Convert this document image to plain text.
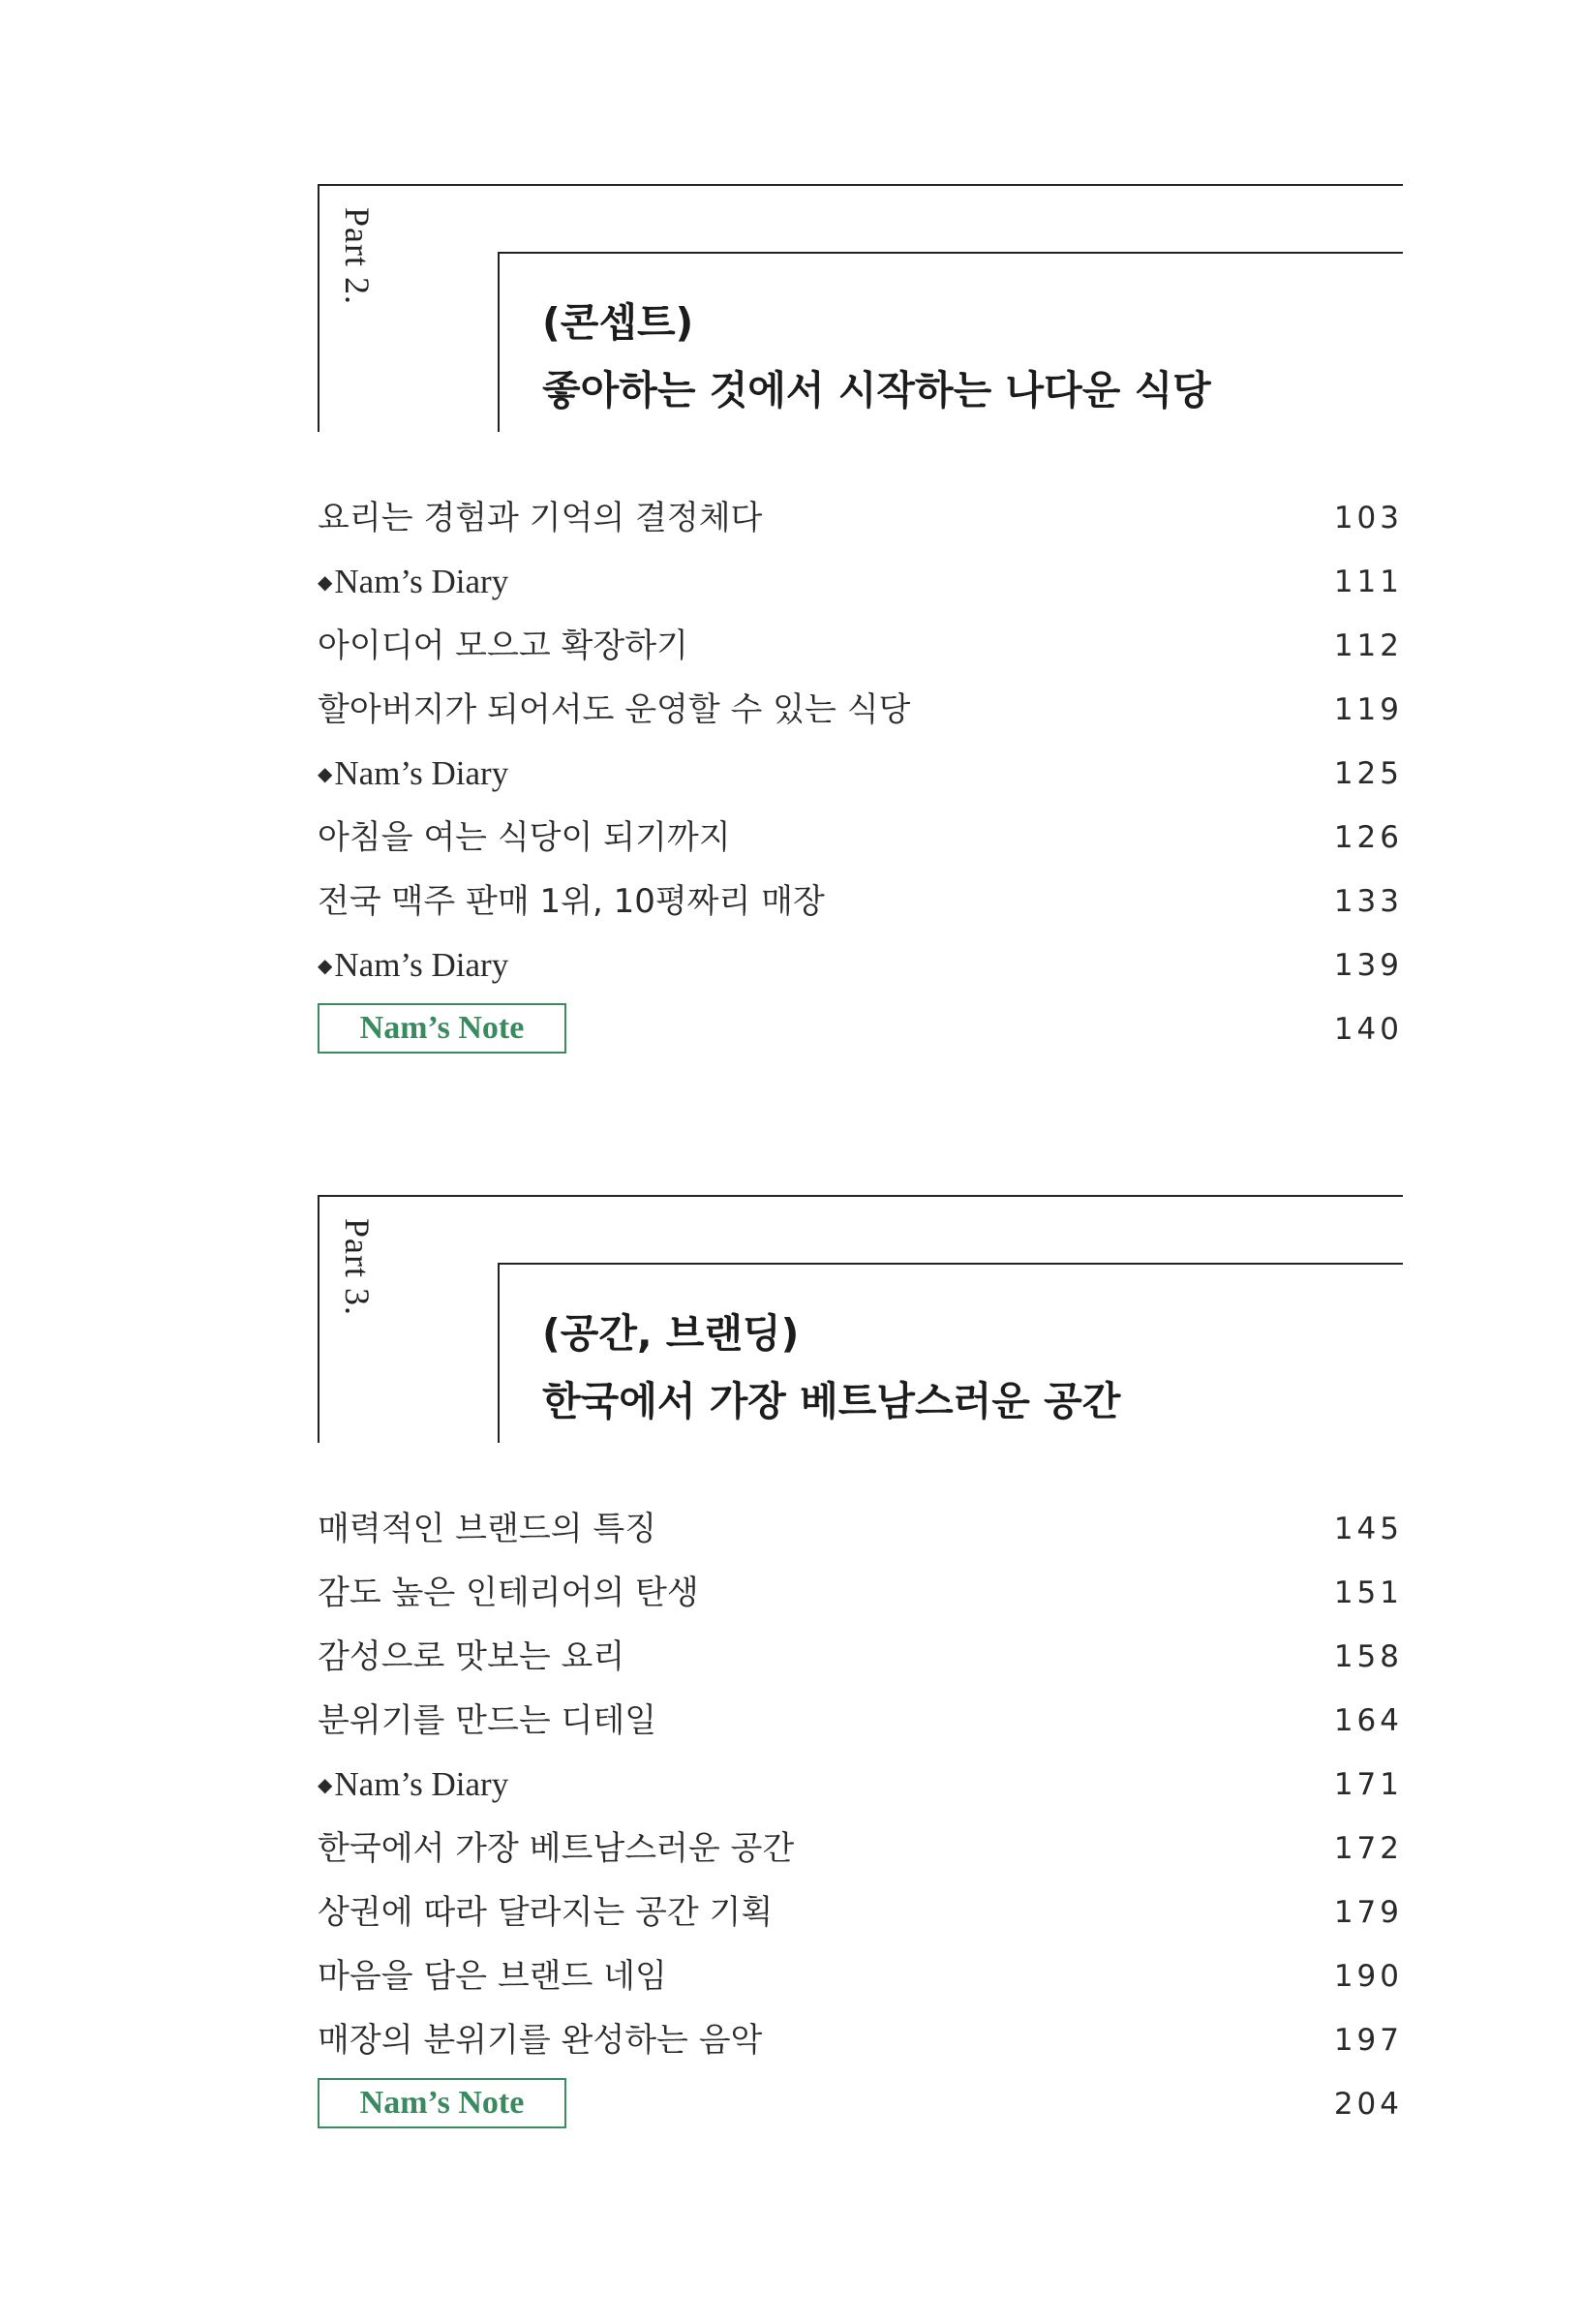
Part 2.
(콘셉트)
좋아하는 것에서 시작하는 나다운 식당
요리는 경험과 기억의 결정체다	103
◆Nam’s Diary	111
아이디어 모으고 확장하기	112
할아버지가 되어서도 운영할 수 있는 식당	119
◆Nam’s Diary	125
아침을 여는 식당이 되기까지	126
전국 맥주 판매 1위, 10평짜리 매장	133
◆Nam’s Diary	139
Nam’s Note	140
Part 3.
(공간, 브랜딩)
한국에서 가장 베트남스러운 공간
매력적인 브랜드의 특징	145
감도 높은 인테리어의 탄생	151
감성으로 맛보는 요리	158
분위기를 만드는 디테일	164
◆Nam’s Diary	171
한국에서 가장 베트남스러운 공간	172
상권에 따라 달라지는 공간 기획	179
마음을 담은 브랜드 네임	190
매장의 분위기를 완성하는 음악	197
Nam’s Note	204
